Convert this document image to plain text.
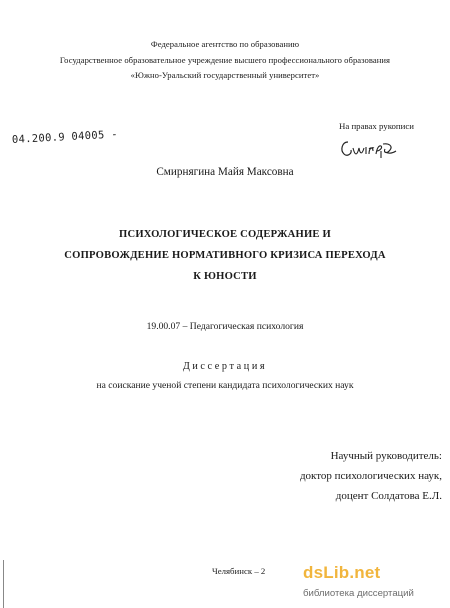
Федеральное агентство по образованию
Государственное образовательное учреждение высшего профессионального образования
«Южно-Уральский государственный университет»
04.200.9 04005 -
На правах рукописи
Смирнягина Майя Максовна
ПСИХОЛОГИЧЕСКОЕ СОДЕРЖАНИЕ И
СОПРОВОЖДЕНИЕ НОРМАТИВНОГО КРИЗИСА ПЕРЕХОДА
К ЮНОСТИ
19.00.07 – Педагогическая психология
Диссертация
на соискание ученой степени кандидата психологических наук
Научный руководитель:
доктор психологических наук,
доцент Солдатова Е.Л.
Челябинск – 2 dsLib.net
библиотека диссертаций
